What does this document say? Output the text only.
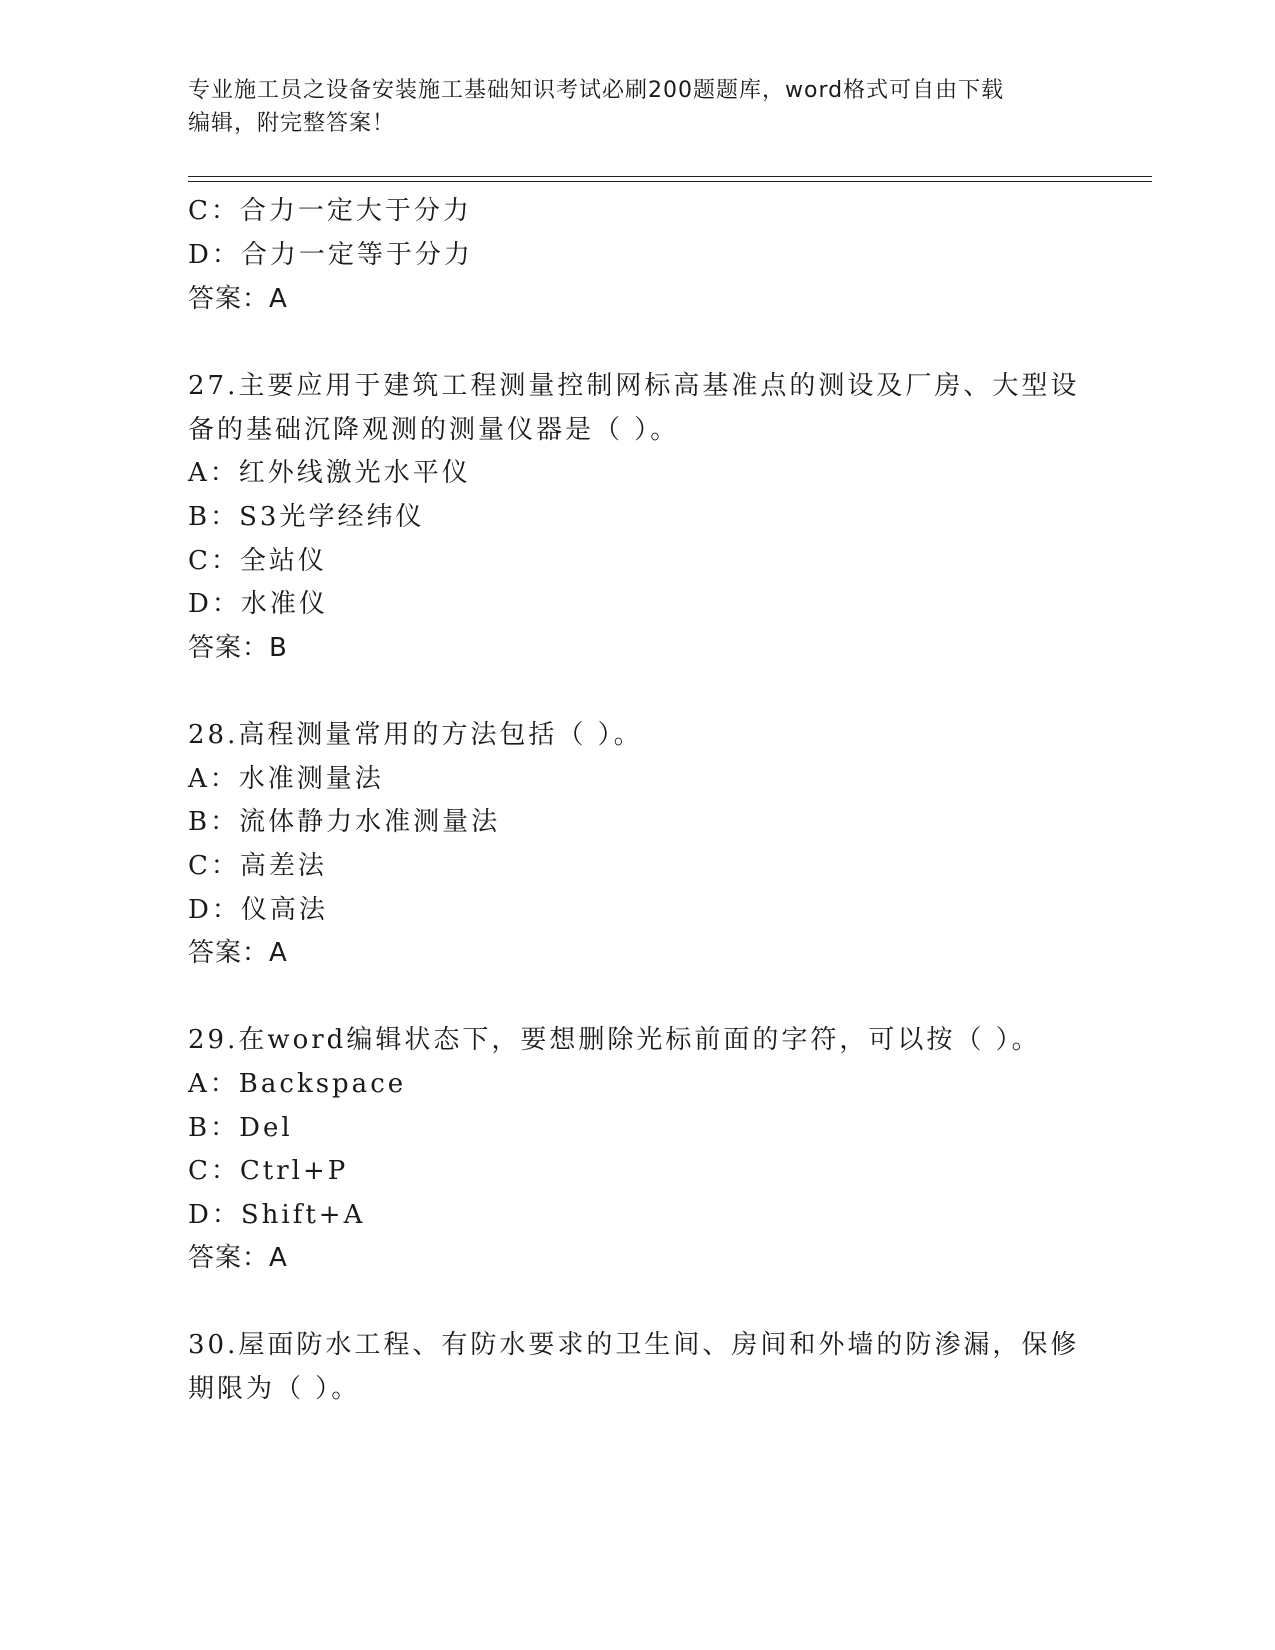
专业施工员之设备安装施工基础知识考试必刷200题题库，word格式可自由下载
编辑，附完整答案！
C：合力一定大于分力
D：合力一定等于分力
答案：A
27.主要应用于建筑工程测量控制网标高基准点的测设及厂房、大型设
备的基础沉降观测的测量仪器是（ ）。
A：红外线激光水平仪
B：S3光学经纬仪
C：全站仪
D：水准仪
答案：B
28.高程测量常用的方法包括（ ）。
A：水准测量法
B：流体静力水准测量法
C：高差法
D：仪高法
答案：A
29.在word编辑状态下，要想删除光标前面的字符，可以按（ ）。
A：Backspace
B：Del
C：Ctrl+P
D：Shift+A
答案：A
30.屋面防水工程、有防水要求的卫生间、房间和外墙的防渗漏，保修
期限为（ ）。
